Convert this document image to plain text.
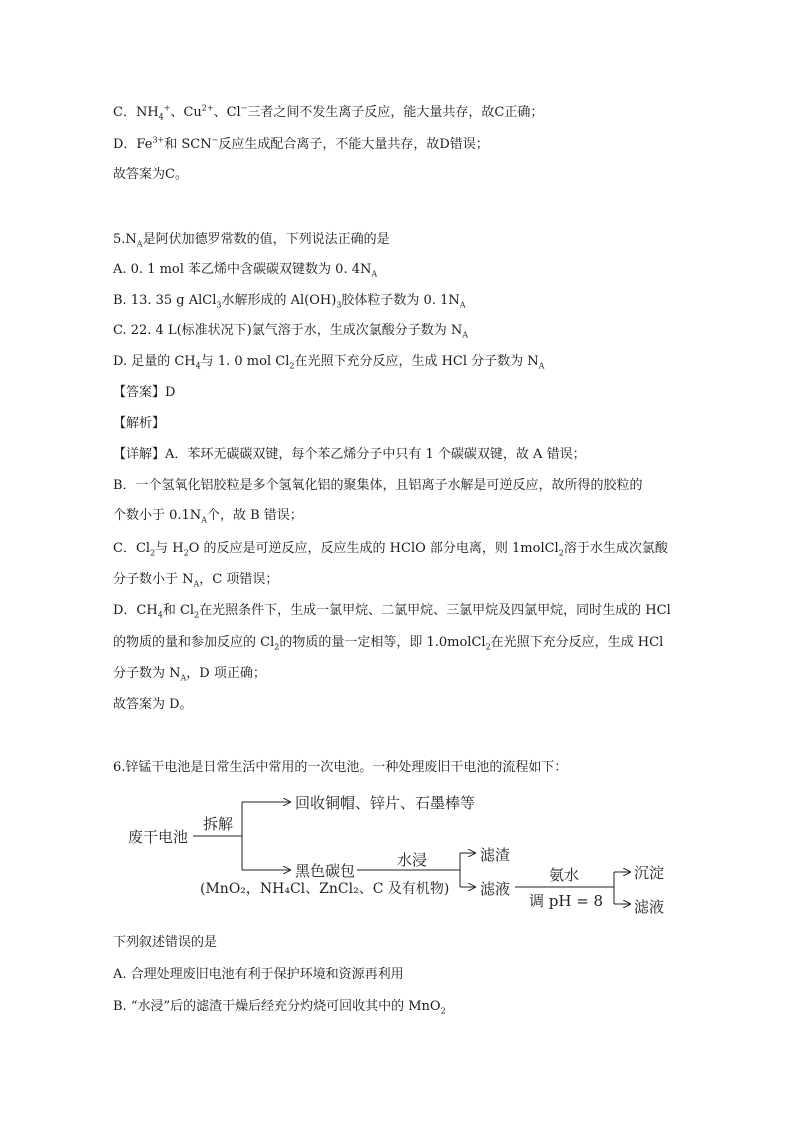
C．$NH_4^+$、$Cu^{2+}$、Cl−三者之间不发生离子反应，能大量共存，故C正确；
D．$Fe^{3+}$和 SCN−反应生成配合离子，不能大量共存，故D错误；
故答案为C。
$5.N_A$是阿伏加德罗常数的值，下列说法正确的是
A. 0. 1 mol 苯乙烯中含碳碳双键数为 0. $4N_A$
B. 13. 35 g AlCl$_3$水解形成的 $Al(OH)_3$胶体粒子数为 0. $1N_A$
C. 22. 4 L(标准状况下)氯气溶于水，生成次氯酸分子数为 $N_A$
D. 足量的 $CH_4$与 1. 0 mol $Cl_2$在光照下充分反应，生成 HCl 分子数为 $N_A$
【答案】D
【解析】
【详解】A．苯环无碳碳双键，每个苯乙烯分子中只有 1 个碳碳双键，故 A 错误；
B．一个氢氧化铝胶粒是多个氢氧化铝的聚集体，且铝离子水解是可逆反应，故所得的胶粒的
个数小于 $0.1N_A$个，故 B 错误；
C．$Cl_2$与 $H_2O$ 的反应是可逆反应，反应生成的 HClO 部分电离，则 1molCl$_2$溶于水生成次氯酸
分子数小于 $N_A$，C 项错误；
D．$CH_4$和 $Cl_2$在光照条件下，生成一氯甲烷、二氯甲烷、三氯甲烷及四氯甲烷，同时生成的 HCl
的物质的量和参加反应的 $Cl_2$的物质的量一定相等，即 1.0molCl$_2$在光照下充分反应，生成 HCl
分子数为 $N_A$，D 项正确；
故答案为 D。
6.锌锰干电池是日常生活中常用的一次电池。一种处理废旧干电池的流程如下：
废干电池
拆解
回收铜帽、锌片、石墨棒等
黑色碳包
(MnO₂，NH₄Cl、ZnCl₂、C 及有机物)
水浸	滤渣
滤液
氨水
调 pH = 8
沉淀
滤液
下列叙述错误的是
A. 合理处理废旧电池有利于保护环境和资源再利用
B. “水浸”后的滤渣干燥后经充分灼烧可回收其中的 MnO$_2$
